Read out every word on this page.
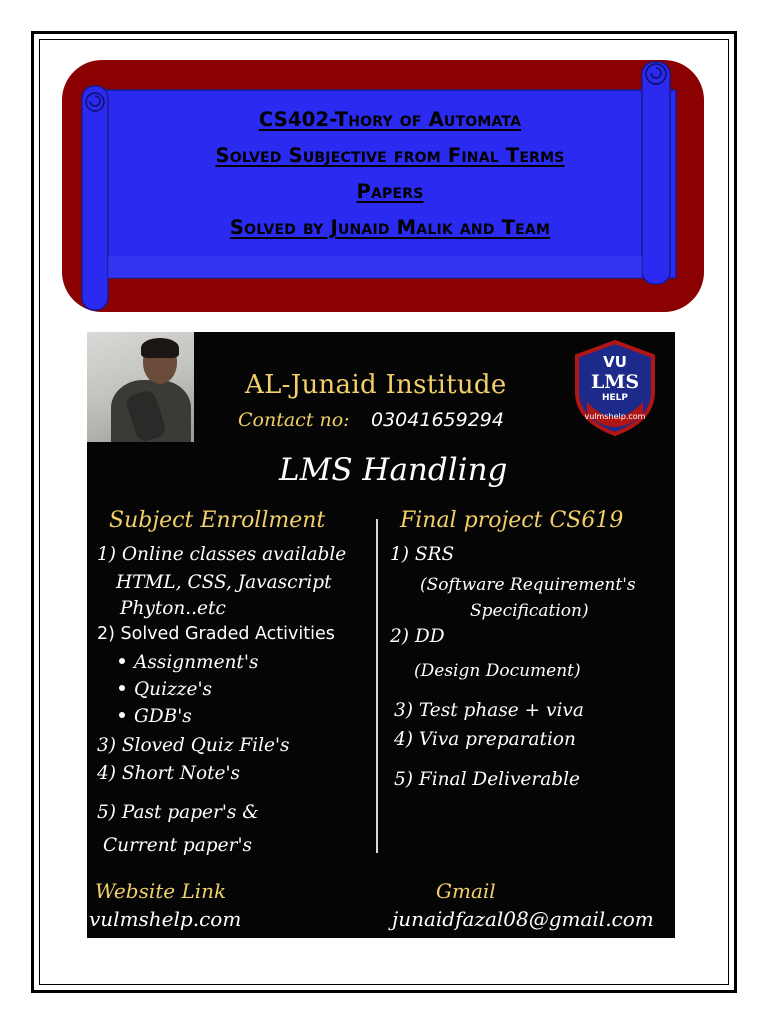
CS402-Thory of Automata
Solved Subjective from Final Terms
Papers
Solved by Junaid Malik and Team
AL-Junaid Institude
Contact no: 03041659294
VU
LMS
HELP
vulmshelp.com
LMS Handling
Subject Enrollment	Final project CS619
1) Online classes available
HTML, CSS, Javascript
Phyton..etc
2) Solved Graded Activities
Assignment's
Quizze's
GDB's
3) Sloved Quiz File's
4) Short Note's
5) Past paper's &
Current paper's
1) SRS
(Software Requirement's
Specification)
2) DD
(Design Document)
3) Test phase + viva
4) Viva preparation
5) Final Deliverable
Website Link
vulmshelp.com
Gmail
junaidfazal08@gmail.com
